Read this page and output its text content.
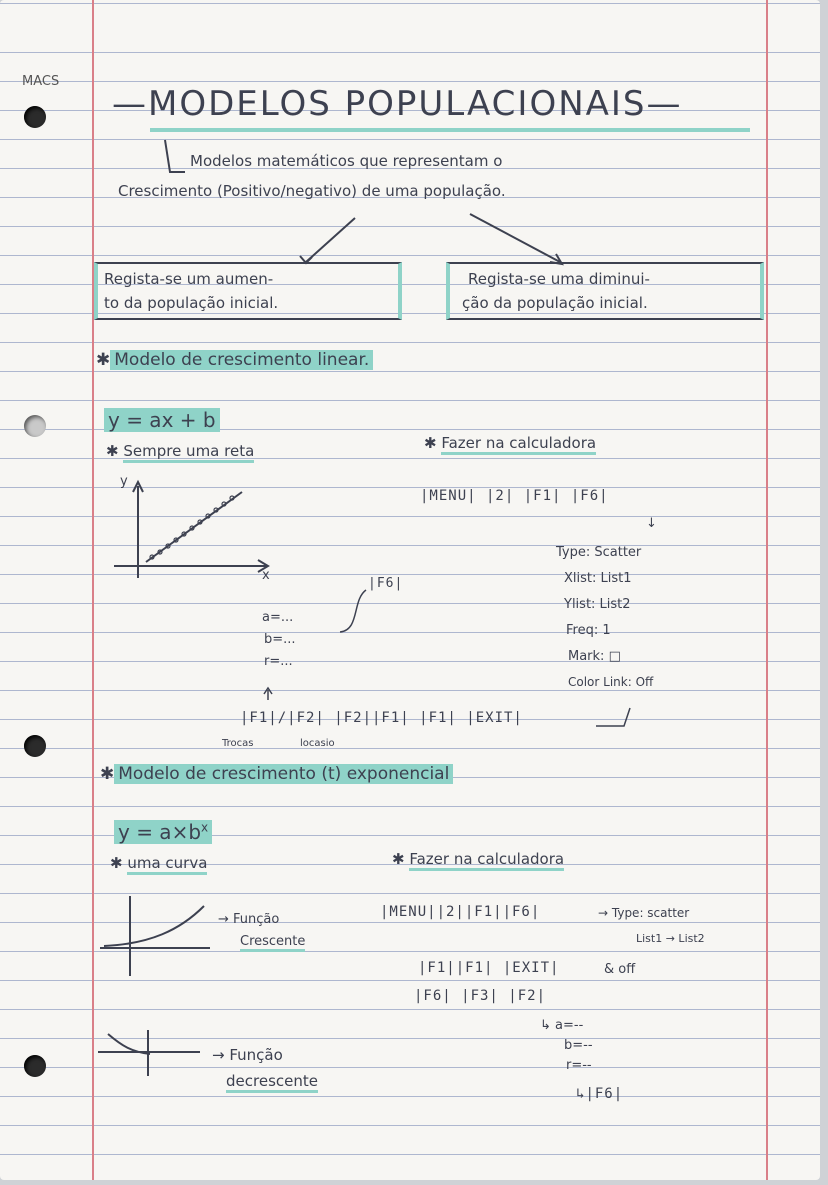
MACS
—MODELOS POPULACIONAIS—
Modelos matemáticos que representam o
Crescimento (Positivo/negativo) de uma população.
Regista-se um aumen-
to da população inicial.
Regista-se uma diminui-
ção da população inicial.
✱ Modelo de crescimento linear.
y = ax + b
✱ Sempre uma reta	✱ Fazer na calculadora
|MENU| |2| |F1| |F6|
↓
Type: Scatter
Xlist: List1
Ylist: List2
Freq: 1
Mark: □
Color Link: Off
y
x
|F6|
a=...
b=...
r=...
|F1|/|F2| |F2||F1| |F1| |EXIT|
Trocas	locasio
✱ Modelo de crescimento (t) exponencial
$y = a\times b^x$
✱ uma curva	✱ Fazer na calculadora
|MENU||2||F1||F6|	→ Type: scatter
List1 → List2
|F1||F1| |EXIT|	& off
|F6| |F3| |F2|
↳ a=--
b=--
r=--
↳|F6|
→ Função
Crescente
→ Função
decrescente
